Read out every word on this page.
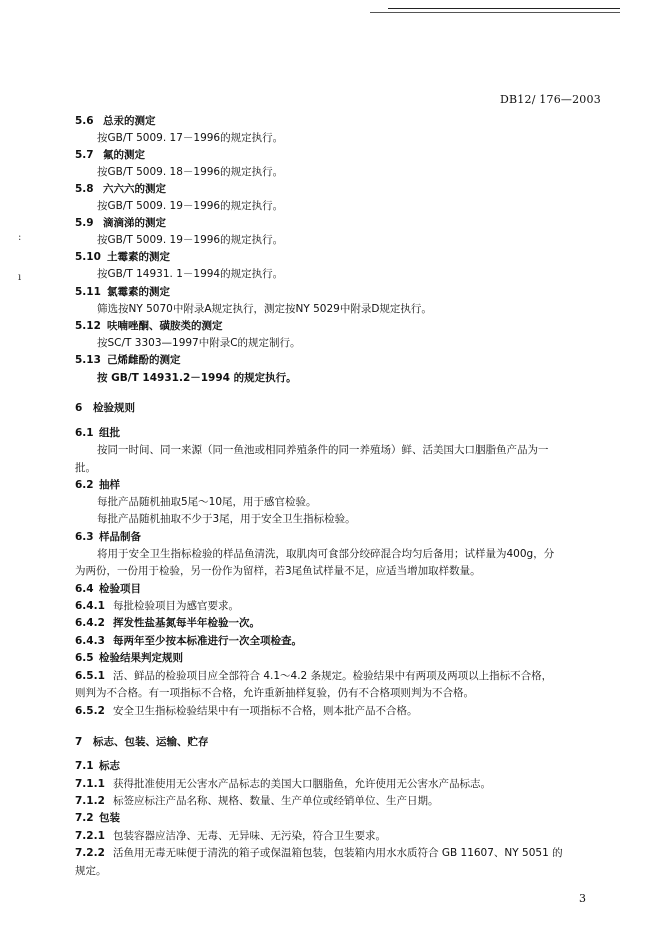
DB12/ 176—2003
:
ı
5.6 总汞的测定
按GB/T 5009. 17－1996的规定执行。
5.7 氟的测定
按GB/T 5009. 18－1996的规定执行。
5.8 六六六的测定
按GB/T 5009. 19－1996的规定执行。
5.9 滴滴涕的测定
按GB/T 5009. 19－1996的规定执行。
5.10 土霉素的测定
按GB/T 14931. 1－1994的规定执行。
5.11 氯霉素的测定
筛选按NY 5070中附录A规定执行，测定按NY 5029中附录D规定执行。
5.12 呋喃唑酮、磺胺类的测定
按SC/T 3303—1997中附录C的规定制行。
5.13 己烯雌酚的测定
按 GB/T 14931.2－1994 的规定执行。
6 检验规则
6.1 组批
按同一时间、同一来源（同一鱼池或相同养殖条件的同一养殖场）鲜、活美国大口胭脂鱼产品为一
批。
6.2 抽样
每批产品随机抽取5尾～10尾，用于感官检验。
每批产品随机抽取不少于3尾，用于安全卫生指标检验。
6.3 样品制备
将用于安全卫生指标检验的样品鱼清洗，取肌肉可食部分绞碎混合均匀后备用；试样量为400g，分
为两份，一份用于检验，另一份作为留样，若3尾鱼试样量不足，应适当增加取样数量。
6.4 检验项目
6.4.1 每批检验项目为感官要求。
6.4.2 挥发性盐基氮每半年检验一次。
6.4.3 每两年至少按本标准进行一次全项检查。
6.5 检验结果判定规则
6.5.1 活、鲜品的检验项目应全部符合 4.1～4.2 条规定。检验结果中有两项及两项以上指标不合格，
则判为不合格。有一项指标不合格，允许重新抽样复验，仍有不合格项则判为不合格。
6.5.2 安全卫生指标检验结果中有一项指标不合格，则本批产品不合格。
7 标志、包装、运输、贮存
7.1 标志
7.1.1 获得批准使用无公害水产品标志的美国大口胭脂鱼，允许使用无公害水产品标志。
7.1.2 标签应标注产品名称、规格、数量、生产单位或经销单位、生产日期。
7.2 包装
7.2.1 包装容器应洁净、无毒、无异味、无污染，符合卫生要求。
7.2.2 活鱼用无毒无味便于清洗的箱子或保温箱包装，包装箱内用水水质符合 GB 11607、NY 5051 的
规定。
3
